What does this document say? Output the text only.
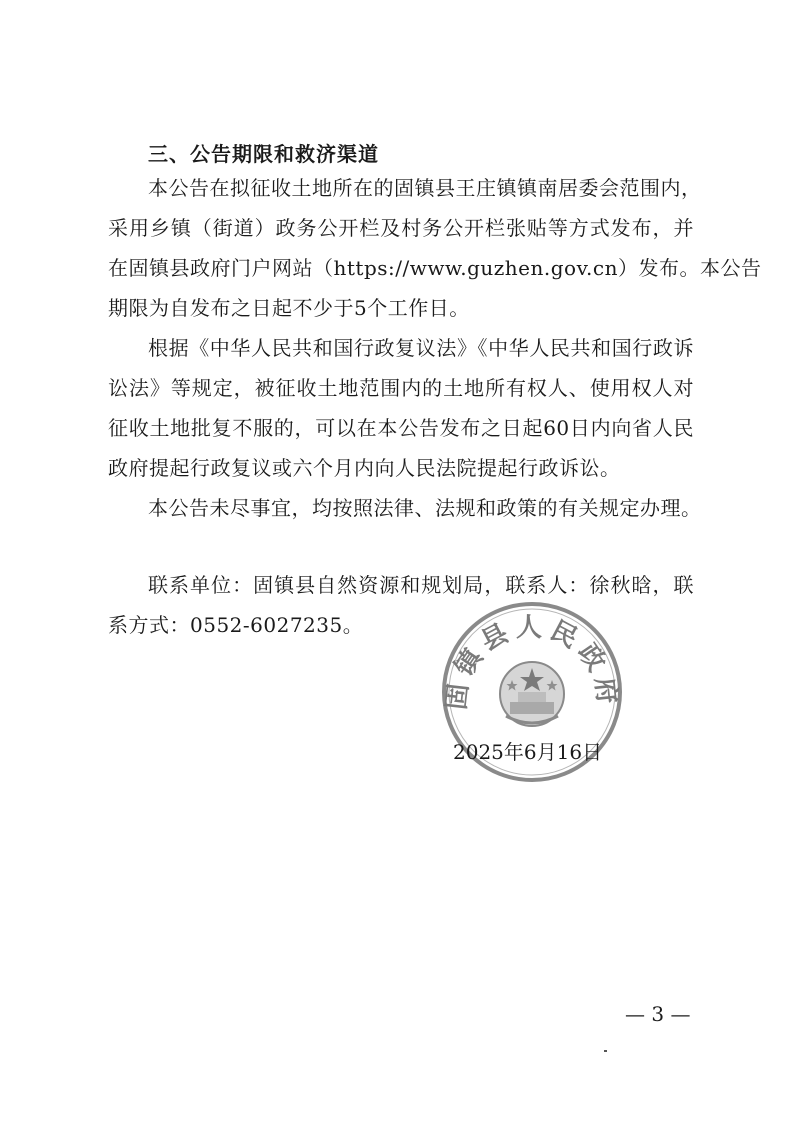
三、公告期限和救济渠道
本公告在拟征收土地所在的固镇县王庄镇镇南居委会范围内，
采用乡镇（街道）政务公开栏及村务公开栏张贴等方式发布，并
在固镇县政府门户网站（https://www.guzhen.gov.cn）发布。本公告
期限为自发布之日起不少于5个工作日。
根据《中华人民共和国行政复议法》《中华人民共和国行政诉
讼法》等规定，被征收土地范围内的土地所有权人、使用权人对
征收土地批复不服的，可以在本公告发布之日起60日内向省人民
政府提起行政复议或六个月内向人民法院提起行政诉讼。
本公告未尽事宜，均按照法律、法规和政策的有关规定办理。
联系单位：固镇县自然资源和规划局，联系人：徐秋晗，联
系方式：0552-6027235。
固镇县人民政府
2025年6月16日
— 3 —
